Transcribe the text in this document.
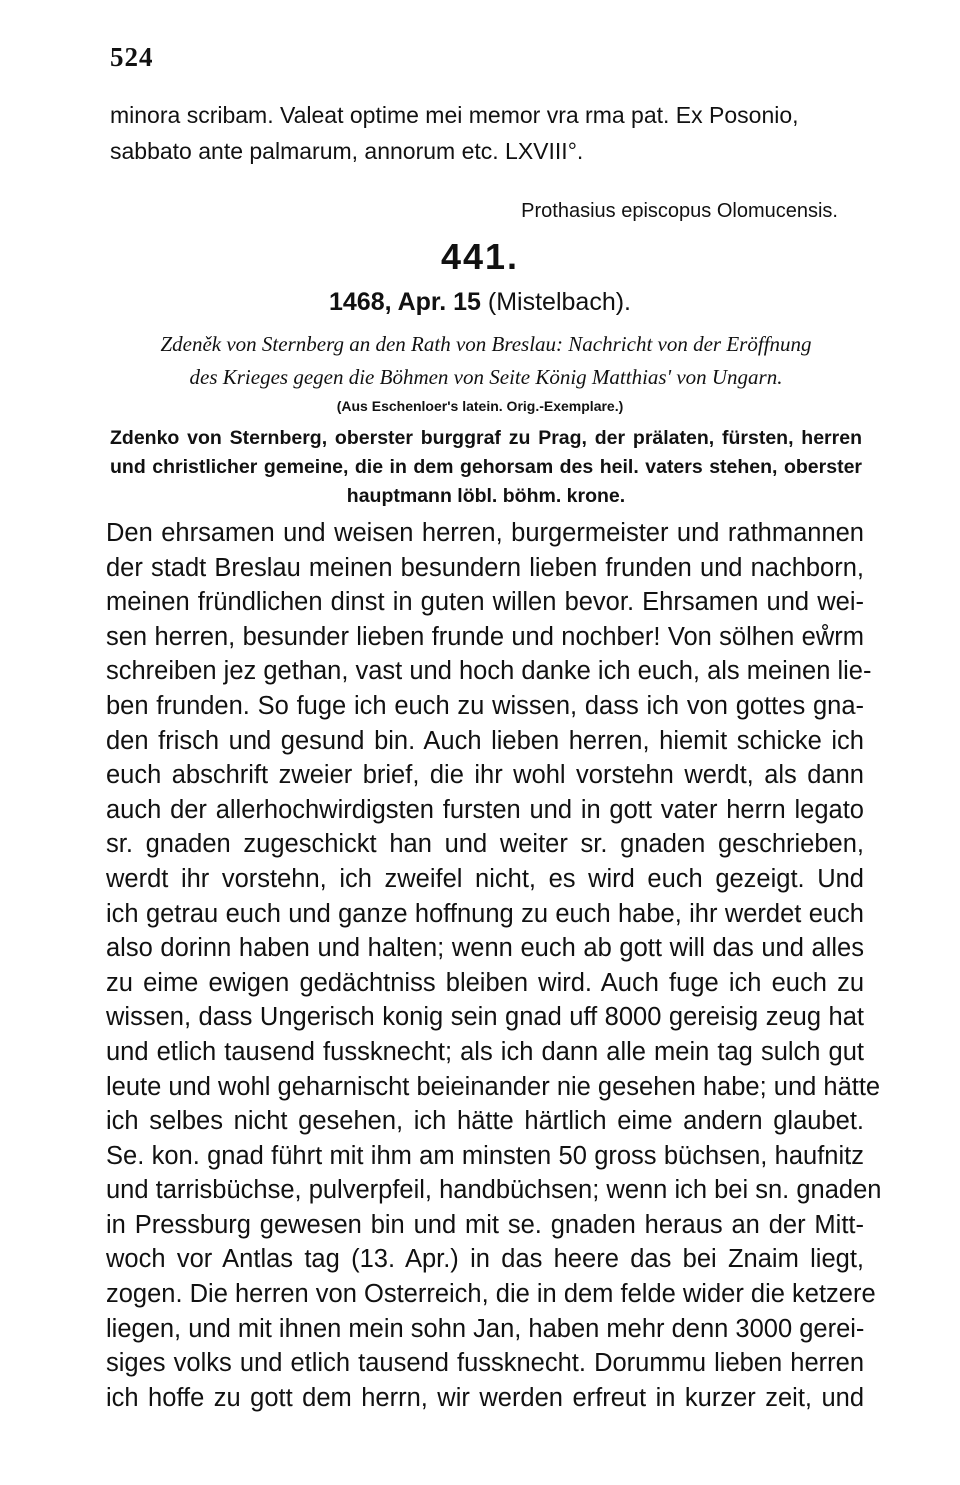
524

minora scribam. Valeat optime mei memor vra rma pat. Ex Posonio,

sabbato ante palmarum, annorum etc. LXVIII°.

Prothasius episcopus Olomucensis.
441.
1468, Apr. 15 (Mistelbach).
Zdeněk von Sternberg an den Rath von Breslau: Nachricht von der Eröffnung
des Krieges gegen die Böhmen von Seite König Matthias' von Ungarn.
(Aus Eschenloer's latein. Orig.-Exemplare.)
Zdenko von Sternberg, oberster burggraf zu Prag, der prälaten, fürsten, herren und christlicher gemeine, die in dem gehorsam des heil. vaters stehen, oberster hauptmann löbl. böhm. krone.
Den ehrsamen und weisen herren, burgermeister und rathmannen
der stadt Breslau meinen besundern lieben frunden und nachborn,
meinen fründlichen dinst in guten willen bevor. Ehrsamen und wei-
sen herren, besunder lieben frunde und nochber! Von sölhen eẘrm
schreiben jez gethan, vast und hoch danke ich euch, als meinen lie-
ben frunden. So fuge ich euch zu wissen, dass ich von gottes gna-
den frisch und gesund bin. Auch lieben herren, hiemit schicke ich
euch abschrift zweier brief, die ihr wohl vorstehn werdt, als dann
auch der allerhochwirdigsten fursten und in gott vater herrn legato
sr. gnaden zugeschickt han und weiter sr. gnaden geschrieben,
werdt ihr vorstehn, ich zweifel nicht, es wird euch gezeigt. Und
ich getrau euch und ganze hoffnung zu euch habe, ihr werdet euch
also dorinn haben und halten; wenn euch ab gott will das und alles
zu eime ewigen gedächtniss bleiben wird. Auch fuge ich euch zu
wissen, dass Ungerisch konig sein gnad uff 8000 gereisig zeug hat
und etlich tausend fussknecht; als ich dann alle mein tag sulch gut
leute und wohl geharnischt beieinander nie gesehen habe; und hätte
ich selbes nicht gesehen, ich hätte härtlich eime andern glaubet.
Se. kon. gnad führt mit ihm am minsten 50 gross büchsen, haufnitz
und tarrisbüchse, pulverpfeil, handbüchsen; wenn ich bei sn. gnaden
in Pressburg gewesen bin und mit se. gnaden heraus an der Mitt-
woch vor Antlas tag (13. Apr.) in das heere das bei Znaim liegt,
zogen. Die herren von Osterreich, die in dem felde wider die ketzere
liegen, und mit ihnen mein sohn Jan, haben mehr denn 3000 gerei-
siges volks und etlich tausend fussknecht. Dorummu lieben herren
ich hoffe zu gott dem herrn, wir werden erfreut in kurzer zeit, und
